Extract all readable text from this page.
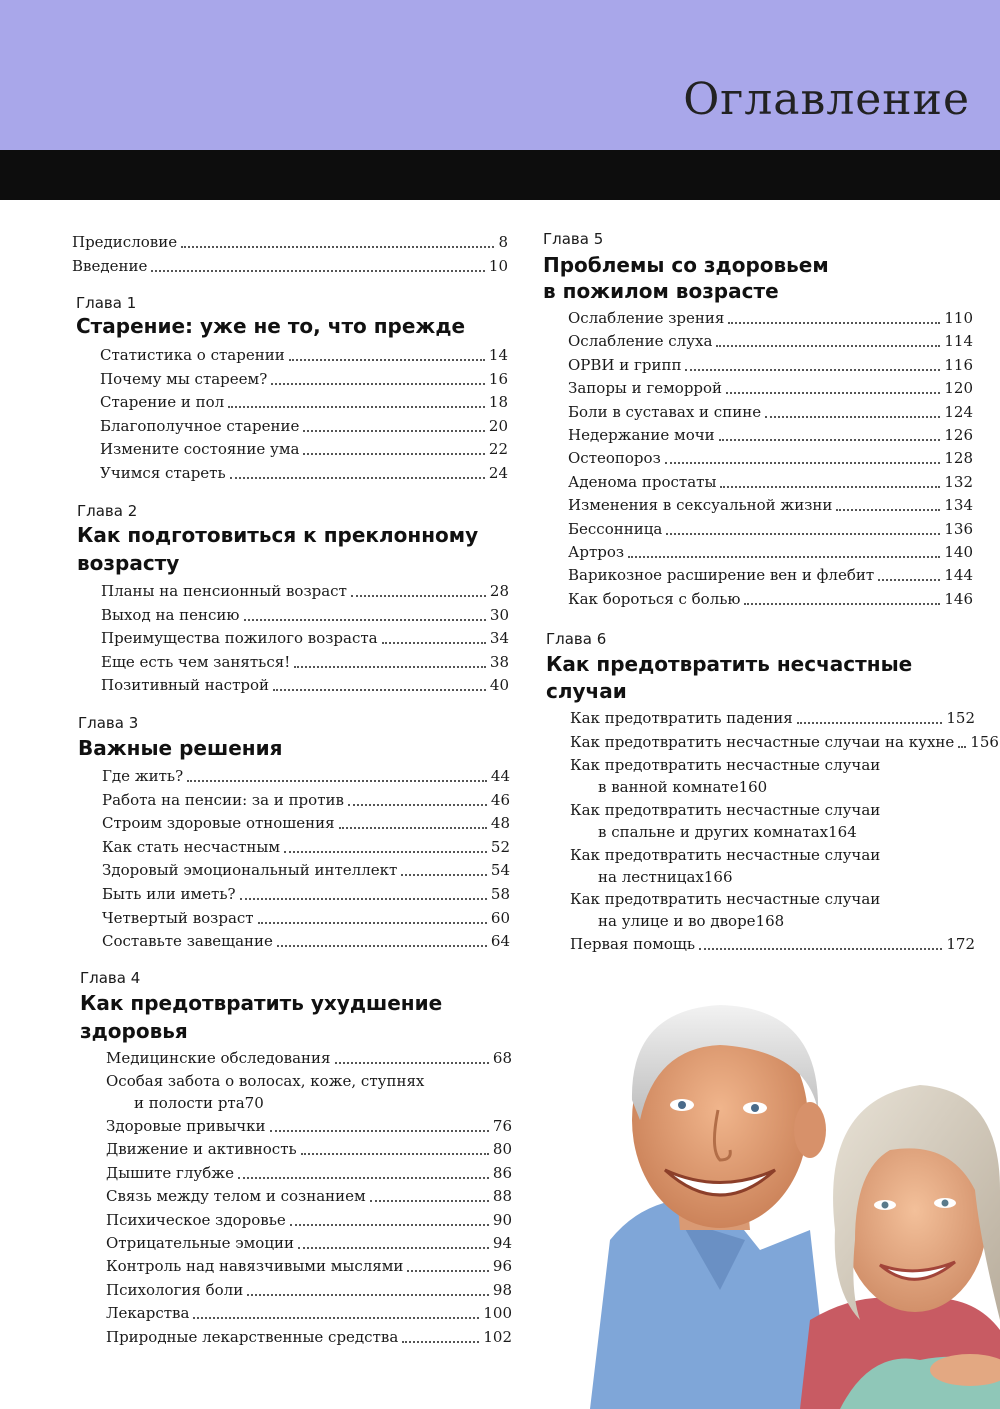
Оглавление
Предисловие	8
Введение	10
Глава 1
Старение: уже не то, что прежде
Статистика о старении	14
Почему мы стареем?	16
Старение и пол	18
Благополучное старение	20
Измените состояние ума	22
Учимся стареть	24
Глава 2
Как подготовиться к преклонному
возрасту
Планы на пенсионный возраст	28
Выход на пенсию	30
Преимущества пожилого возраста	34
Еще есть чем заняться!	38
Позитивный настрой	40
Глава 3
Важные решения
Где жить?	44
Работа на пенсии: за и против	46
Строим здоровые отношения	48
Как стать несчастным	52
Здоровый эмоциональный интеллект	54
Быть или иметь?	58
Четвертый возраст	60
Составьте завещание	64
Глава 4
Как предотвратить ухудшение
здоровья
Медицинские обследования	68
Особая забота о волосах, коже, ступнях
и полости рта 70
Здоровые привычки	76
Движение и активность	80
Дышите глубже	86
Связь между телом и сознанием	88
Психическое здоровье	90
Отрицательные эмоции	94
Контроль над навязчивыми мыслями	96
Психология боли	98
Лекарства	100
Природные лекарственные средства	102
Глава 5
Проблемы со здоровьем
в пожилом возрасте
Ослабление зрения	110
Ослабление слуха	114
ОРВИ и грипп	116
Запоры и геморрой	120
Боли в суставах и спине	124
Недержание мочи	126
Остеопороз	128
Аденома простаты	132
Изменения в сексуальной жизни	134
Бессонница	136
Артроз	140
Варикозное расширение вен и флебит	144
Как бороться с болью	146
Глава 6
Как предотвратить несчастные
случаи
Как предотвратить падения	152
Как предотвратить несчастные случаи на кухне 156
Как предотвратить несчастные случаи
в ванной комнате 160
Как предотвратить несчастные случаи
в спальне и других комнатах 164
Как предотвратить несчастные случаи
на лестницах 166
Как предотвратить несчастные случаи
на улице и во дворе 168
Первая помощь	172
